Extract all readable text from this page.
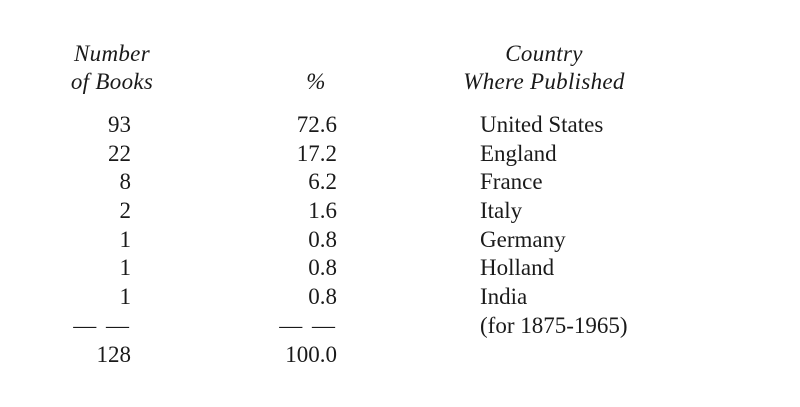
Number
of Books	%
Country
Where Published
93	72.6	United States
22	17.2	England
8	6.2	France
2	1.6	Italy
1	0.8	Germany
1	0.8	Holland
1	0.8	India
— —	— —	(for 1875-1965)
128	100.0
